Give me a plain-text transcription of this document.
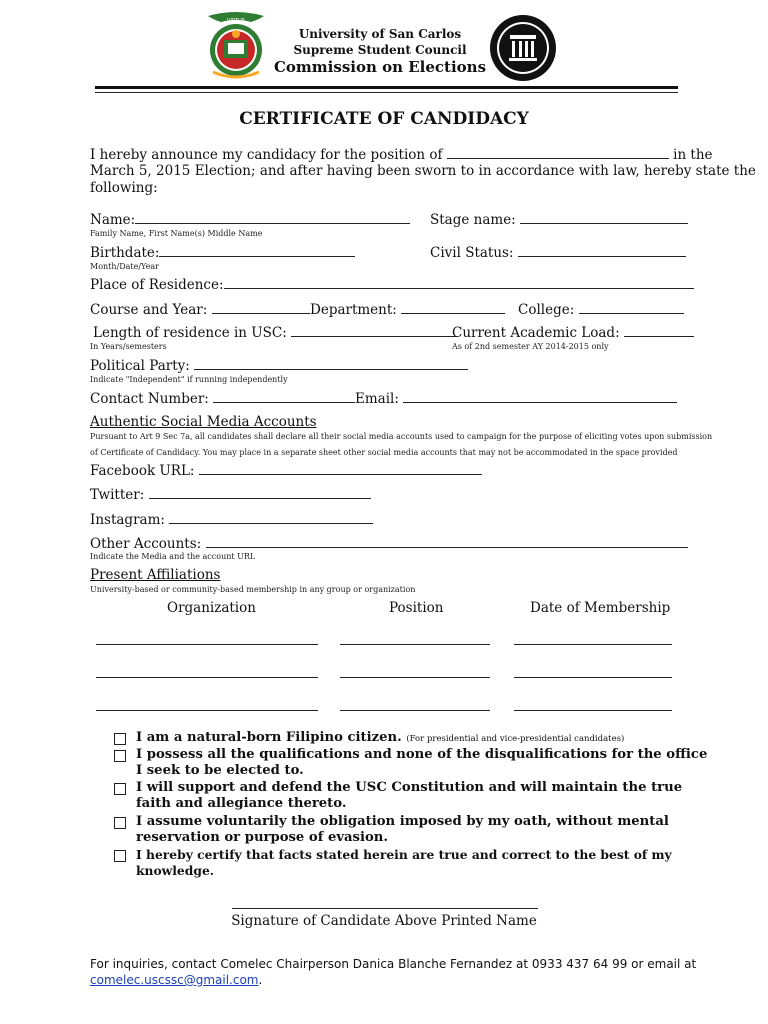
VIRTUS
University of San Carlos
Supreme Student Council
Commission on Elections
CERTIFICATE OF CANDIDACY
I hereby announce my candidacy for the position of	in the
March 5, 2015 Election; and after having been sworn to in accordance with law, hereby state the
following:
Name:
Family Name, First Name(s) Middle Name
Stage name:
Birthdate:
Month/Date/Year
Civil Status:
Place of Residence:
Course and Year:	Department:	College:
Length of residence in USC:
In Years/semesters
Current Academic Load:
As of 2nd semester AY 2014-2015 only
Political Party:
Indicate "Independent" if running independently
Contact Number:	Email:
Authentic Social Media Accounts
Pursuant to Art 9 Sec 7a, all candidates shall declare all their social media accounts used to campaign for the purpose of eliciting votes upon submission
of Certificate of Candidacy. You may place in a separate sheet other social media accounts that may not be accommodated in the space provided
Facebook URL:
Twitter:
Instagram:
Other Accounts:
Indicate the Media and the account URL
Present Affiliations
University-based or community-based membership in any group or organization
Organization	Position	Date of Membership
I am a natural-born Filipino citizen. (For presidential and vice-presidential candidates)
I possess all the qualifications and none of the disqualifications for the office
I seek to be elected to.
I will support and defend the USC Constitution and will maintain the true
faith and allegiance thereto.
I assume voluntarily the obligation imposed by my oath, without mental
reservation or purpose of evasion.
I hereby certify that facts stated herein are true and correct to the best of my
knowledge.
Signature of Candidate Above Printed Name
For inquiries, contact Comelec Chairperson Danica Blanche Fernandez at 0933 437 64 99 or email at
comelec.uscssc@gmail.com.
